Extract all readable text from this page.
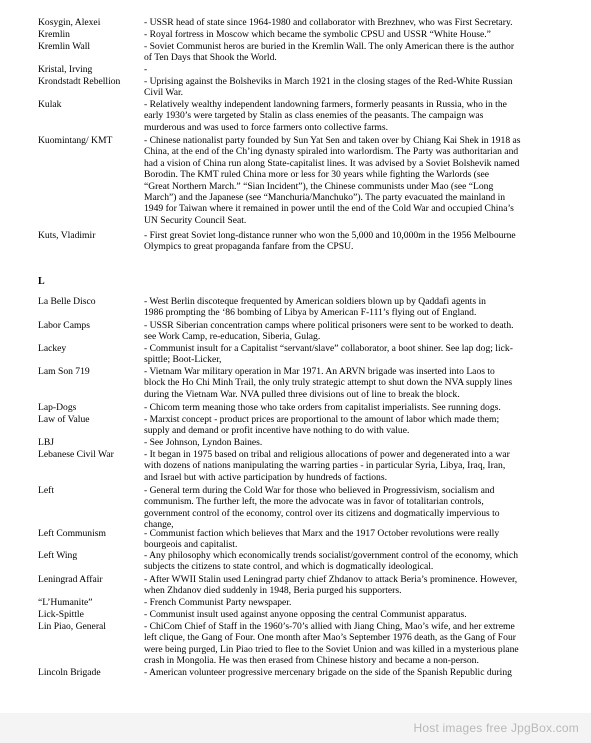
L
Kosygin, Alexei	- USSR head of state since 1964-1980 and collaborator with Brezhnev, who was First Secretary.
Kremlin	- Royal fortress in Moscow which became the symbolic CPSU and USSR “White House.”
Kremlin Wall	- Soviet Communist heros are buried in the Kremlin Wall. The only American there is the author
of Ten Days that Shook the World.
Kristal, Irving	-
Krondstadt Rebellion	- Uprising against the Bolsheviks in March 1921 in the closing stages of the Red-White Russian
Civil War.
Kulak	- Relatively wealthy independent landowning farmers, formerly peasants in Russia, who in the
early 1930’s were targeted by Stalin as class enemies of the peasants. The campaign was
murderous and was used to force farmers onto collective farms.
Kuomintang/ KMT	- Chinese nationalist party founded by Sun Yat Sen and taken over by Chiang Kai Shek in 1918 as
China, at the end of the Ch’ing dynasty spiraled into warlordism. The Party was authoritarian and
had a vision of China run along State-capitalist lines. It was advised by a Soviet Bolshevik named
Borodin. The KMT ruled China more or less for 30 years while fighting the Warlords (see
“Great Northern March.” “Sian Incident”), the Chinese communists under Mao (see “Long
March”) and the Japanese (see “Manchuria/Manchuko”). The party evacuated the mainland in
1949 for Taiwan where it remained in power until the end of the Cold War and occupied China’s
UN Security Council Seat.
Kuts, Vladimir	- First great Soviet long-distance runner who won the 5,000 and 10,000m in the 1956 Melbourne
Olympics to great propaganda fanfare from the CPSU.
La Belle Disco	- West Berlin discoteque frequented by American soldiers blown up by Qaddafi agents in
1986 prompting the ‘86 bombing of Libya by American F-111’s flying out of England.
Labor Camps	- USSR Siberian concentration camps where political prisoners were sent to be worked to death.
see Work Camp, re-education, Siberia, Gulag.
Lackey	- Communist insult for a Capitalist “servant/slave” collaborator, a boot shiner. See lap dog; lick-
spittle; Boot-Licker,
Lam Son 719	- Vietnam War military operation in Mar 1971. An ARVN brigade was inserted into Laos to
block the Ho Chi Minh Trail, the only truly strategic attempt to shut down the NVA supply lines
during the Vietnam War. NVA pulled three divisions out of line to break the block.
Lap-Dogs	- Chicom term meaning those who take orders from capitalist imperialists. See running dogs.
Law of Value	- Marxist concept - product prices are proportional to the amount of labor which made them;
supply and demand or profit incentive have nothing to do with value.
LBJ	- See Johnson, Lyndon Baines.
Lebanese Civil War	- It began in 1975 based on tribal and religious allocations of power and degenerated into a war
with dozens of nations manipulating the warring parties - in particular Syria, Libya, Iraq, Iran,
and Israel but with active participation by hundreds of factions.
Left	- General term during the Cold War for those who believed in Progressivism, socialism and
communism. The further left, the more the advocate was in favor of totalitarian controls,
government control of the economy, control over its citizens and dogmatically impervious to
change,
Left Communism	- Communist faction which believes that Marx and the 1917 October revolutions were really
bourgeois and capitalist.
Left Wing	- Any philosophy which economically trends socialist/government control of the economy, which
subjects the citizens to state control, and which is dogmatically ideological.
Leningrad Affair	- After WWII Stalin used Leningrad party chief Zhdanov to attack Beria’s prominence. However,
when Zhdanov died suddenly in 1948, Beria purged his supporters.
“L’Humanite”	- French Communist Party newspaper.
Lick-Spittle	- Communist insult used against anyone opposing the central Communist apparatus.
Lin Piao, General	- ChiCom Chief of Staff in the 1960’s-70’s allied with Jiang Ching, Mao’s wife, and her extreme
left clique, the Gang of Four. One month after Mao’s September 1976 death, as the Gang of Four
were being purged, Lin Piao tried to flee to the Soviet Union and was killed in a mysterious plane
crash in Mongolia. He was then erased from Chinese history and became a non-person.
Lincoln Brigade	- American volunteer progressive mercenary brigade on the side of the Spanish Republic during
Host images free JpgBox.com
